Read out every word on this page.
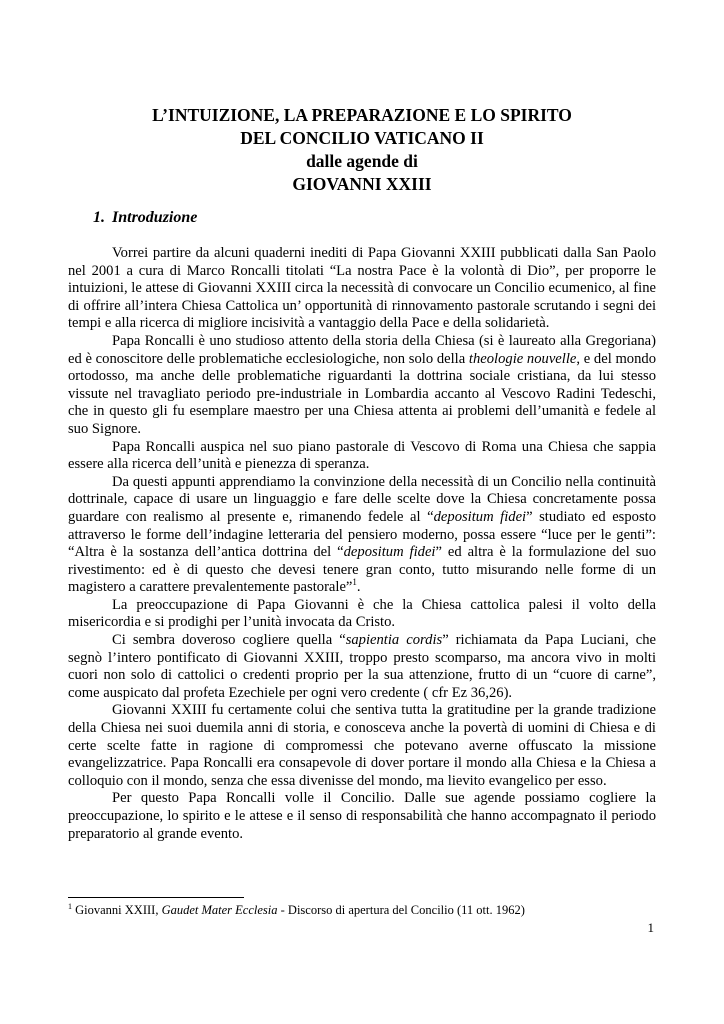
L’INTUIZIONE, LA PREPARAZIONE E LO SPIRITO
DEL CONCILIO VATICANO II
dalle agende di
GIOVANNI XXIII
1. Introduzione

Vorrei partire da alcuni quaderni inediti di Papa Giovanni XXIII pubblicati dalla San Paolo nel 2001 a cura di Marco Roncalli titolati “La nostra Pace è la volontà di Dio”, per proporre le intuizioni, le attese di Giovanni XXIII circa la necessità di convocare un Concilio ecumenico, al fine di offrire all’intera Chiesa Cattolica un’ opportunità di rinnovamento pastorale scrutando i segni dei tempi e alla ricerca di migliore incisività a vantaggio della Pace e della solidarietà.

Papa Roncalli è uno studioso attento della storia della Chiesa (si è laureato alla Gregoriana) ed è conoscitore delle problematiche ecclesiologiche, non solo della theologie nouvelle, e del mondo ortodosso, ma anche delle problematiche riguardanti la dottrina sociale cristiana, da lui stesso vissute nel travagliato periodo pre-industriale in Lombardia accanto al Vescovo Radini Tedeschi, che in questo gli fu esemplare maestro per una Chiesa attenta ai problemi dell’umanità e fedele al suo Signore.

Papa Roncalli auspica nel suo piano pastorale di Vescovo di Roma una Chiesa che sappia essere alla ricerca dell’unità e pienezza di speranza.

Da questi appunti apprendiamo la convinzione della necessità di un Concilio nella continuità dottrinale, capace di usare un linguaggio e fare delle scelte dove la Chiesa concretamente possa guardare con realismo al presente e, rimanendo fedele al “depositum fidei” studiato ed esposto attraverso le forme dell’indagine letteraria del pensiero moderno, possa essere “luce per le genti”: “Altra è la sostanza dell’antica dottrina del “depositum fidei” ed altra è la formulazione del suo rivestimento: ed è di questo che devesi tenere gran conto, tutto misurando nelle forme di un magistero a carattere prevalentemente pastorale”$^1$.

La preoccupazione di Papa Giovanni è che la Chiesa cattolica palesi il volto della misericordia e si prodighi per l’unità invocata da Cristo.

Ci sembra doveroso cogliere quella “sapientia cordis” richiamata da Papa Luciani, che segnò l’intero pontificato di Giovanni XXIII, troppo presto scomparso, ma ancora vivo in molti cuori non solo di cattolici o credenti proprio per la sua attenzione, frutto di un “cuore di carne”, come auspicato dal profeta Ezechiele per ogni vero credente ( cfr Ez 36,26).

Giovanni XXIII fu certamente colui che sentiva tutta la gratitudine per la grande tradizione della Chiesa nei suoi duemila anni di storia, e conosceva anche la povertà di uomini di Chiesa e di certe scelte fatte in ragione di compromessi che potevano averne offuscato la missione evangelizzatrice. Papa Roncalli era consapevole di dover portare il mondo alla Chiesa e la Chiesa a colloquio con il mondo, senza che essa divenisse del mondo, ma lievito evangelico per esso.

Per questo Papa Roncalli volle il Concilio. Dalle sue agende possiamo cogliere la preoccupazione, lo spirito e le attese e il senso di responsabilità che hanno accompagnato il periodo preparatorio al grande evento.

$^1$ Giovanni XXIII, Gaudet Mater Ecclesia - Discorso di apertura del Concilio (11 ott. 1962)
1
